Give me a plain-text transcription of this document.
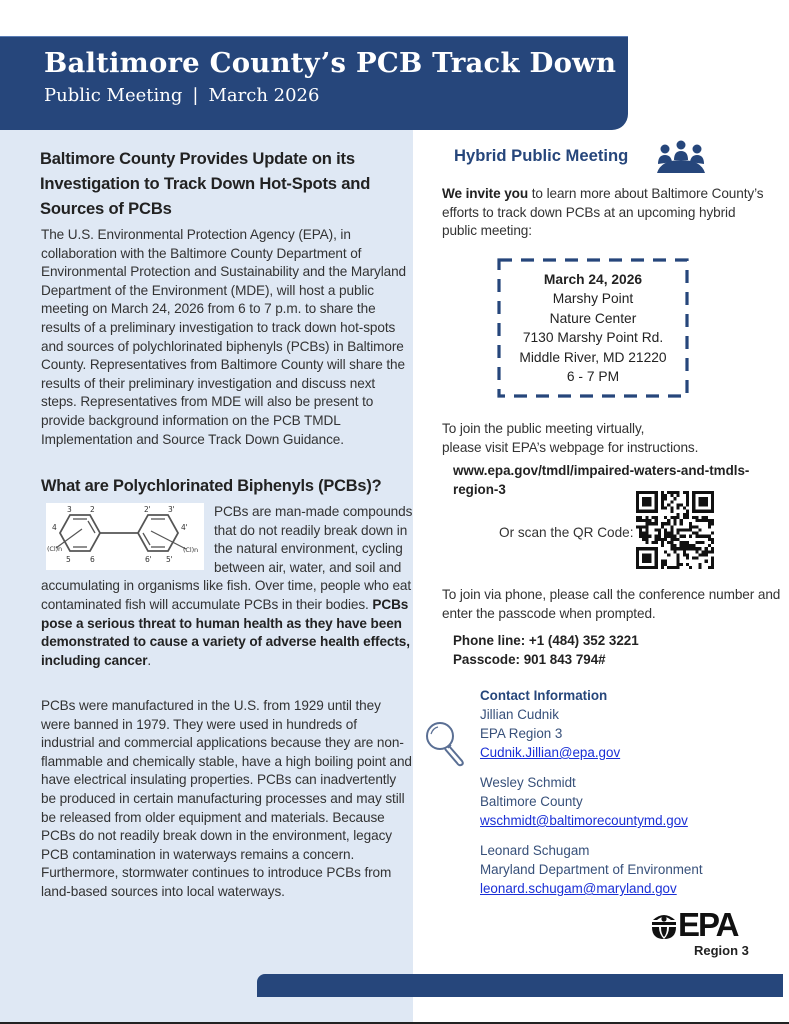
Baltimore County’s PCB Track Down
Public Meeting | March 2026
Baltimore County Provides Update on its Investigation to Track Down Hot-Spots and Sources of PCBs

The U.S. Environmental Protection Agency (EPA), in collaboration with the Baltimore County Department of Environmental Protection and Sustainability and the Maryland Department of the Environment (MDE), will host a public meeting on March 24, 2026 from 6 to 7 p.m. to share the results of a preliminary investigation to track down hot-spots and sources of polychlorinated biphenyls (PCBs) in Baltimore County. Representatives from Baltimore County will share the results of their preliminary investigation and discuss next steps. Representatives from MDE will also be present to provide background information on the PCB TMDL Implementation and Source Track Down Guidance.

What are Polychlorinated Biphenyls (PCBs)?
3 2	2' 3'
4	4'
5	6	6' 5'
(Cl)n	(Cl)n

PCBs are man-made compounds that do not readily break down in the natural environment, cycling between air, water, and soil and accumulating in organisms like fish. Over time, people who eat contaminated fish will accumulate PCBs in their bodies. PCBs pose a serious threat to human health as they have been demonstrated to cause a variety of adverse health effects, including cancer.

PCBs were manufactured in the U.S. from 1929 until they were banned in 1979. They were used in hundreds of industrial and commercial applications because they are non-flammable and chemically stable, have a high boiling point and have electrical insulating properties. PCBs can inadvertently be produced in certain manufacturing processes and may still be released from older equipment and materials. Because PCBs do not readily break down in the environment, legacy PCB contamination in waterways remains a concern. Furthermore, stormwater continues to introduce PCBs from land-based sources into local waterways.

Hybrid Public Meeting

We invite you to learn more about Baltimore County’s efforts to track down PCBs at an upcoming hybrid public meeting:

March 24, 2026
Marshy Point
Nature Center
7130 Marshy Point Rd.
Middle River, MD 21220
6 - 7 PM
To join the public meeting virtually,
please visit EPA’s webpage for instructions.
www.epa.gov/tmdl/impaired-waters-and-tmdls-region-3
Or scan the QR Code:

To join via phone, please call the conference number and enter the passcode when prompted.

Phone line: +1 (484) 352 3221
Passcode: 901 843 794#
Contact Information
Jillian Cudnik
EPA Region 3
Cudnik.Jillian@epa.gov
Wesley Schmidt
Baltimore County
wschmidt@baltimorecountymd.gov
Leonard Schugam
Maryland Department of Environment
leonard.schugam@maryland.gov
EPA
Region 3
